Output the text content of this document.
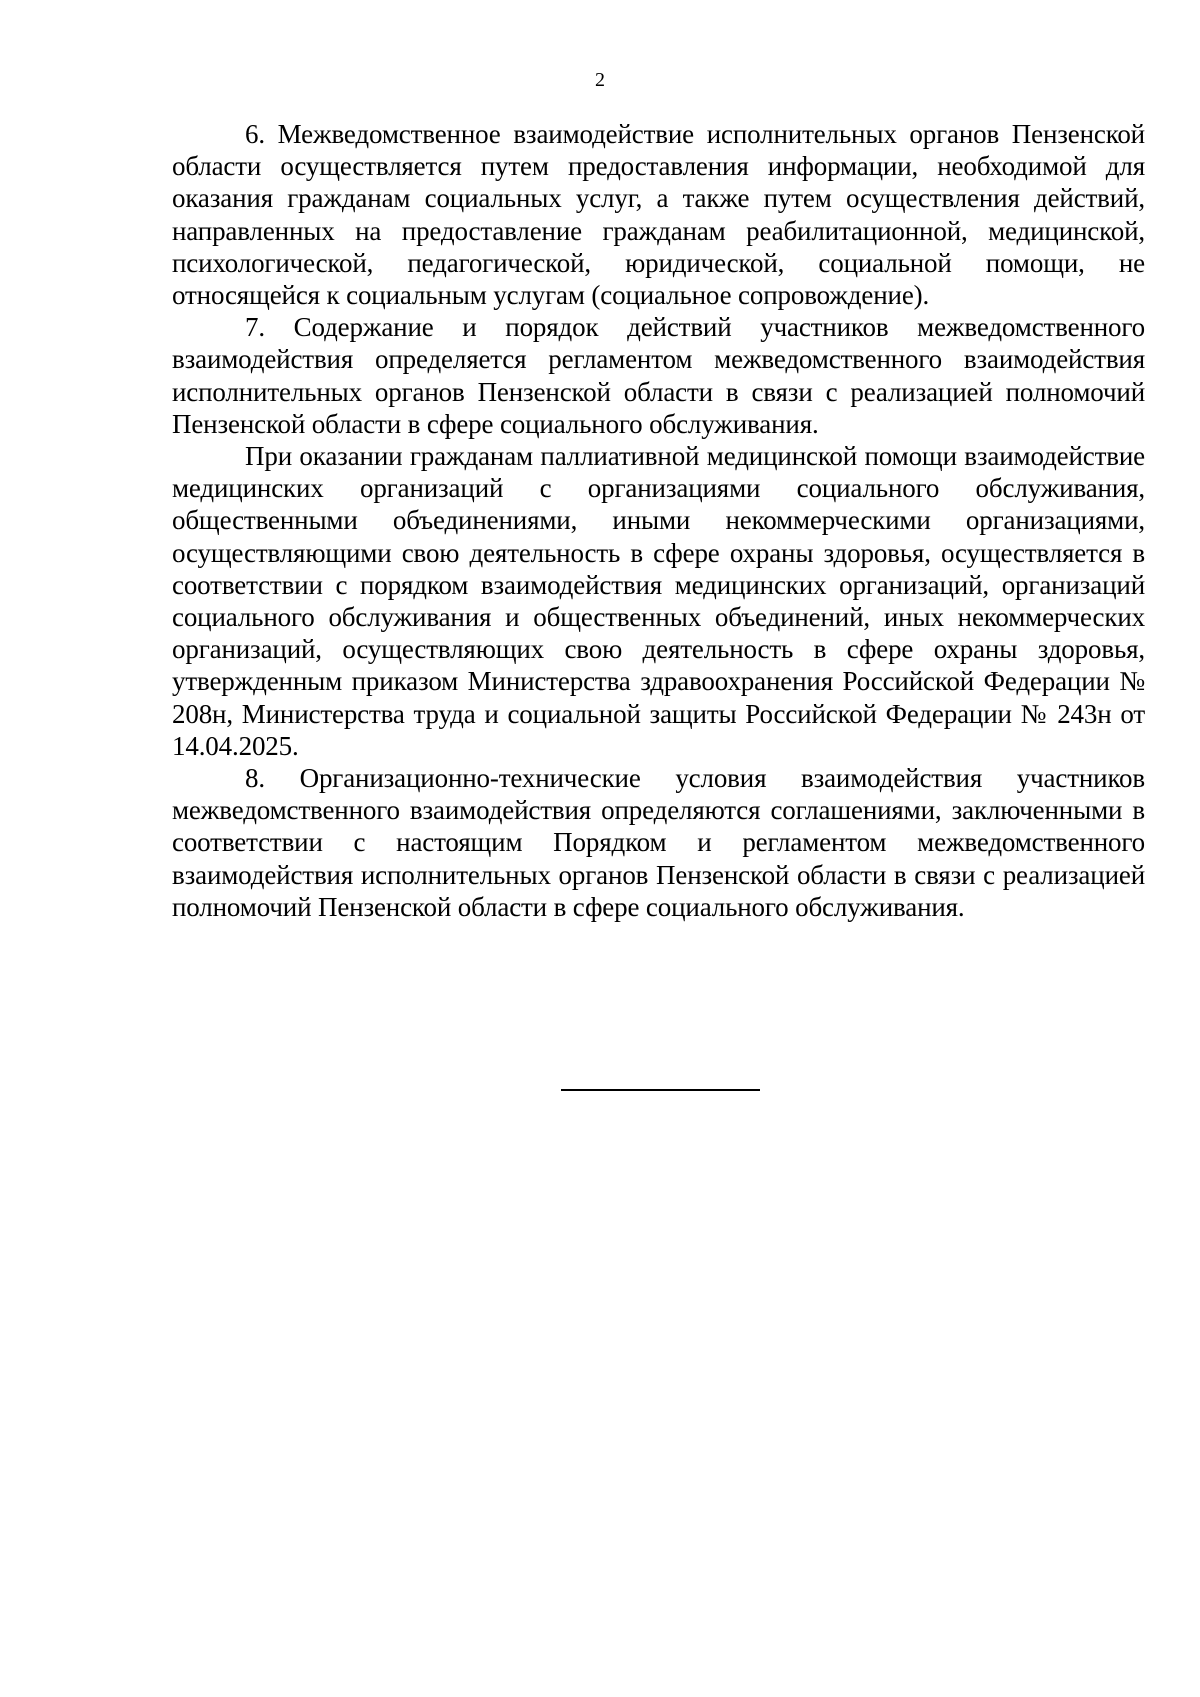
2

6. Межведомственное взаимодействие исполнительных органов Пензенской области осуществляется путем предоставления информации, необходимой для оказания гражданам социальных услуг, а также путем осуществления действий, направленных на предоставление гражданам реабилитационной, медицинской, психологической, педагогической, юридической, социальной помощи, не относящейся к социальным услугам (социальное сопровождение).

7. Содержание и порядок действий участников межведомственного взаимодействия определяется регламентом межведомственного взаимодействия исполнительных органов Пензенской области в связи с реализацией полномочий Пензенской области в сфере социального обслуживания.

При оказании гражданам паллиативной медицинской помощи взаимодействие медицинских организаций с организациями социального обслуживания, общественными объединениями, иными некоммерческими организациями, осуществляющими свою деятельность в сфере охраны здоровья, осуществляется в соответствии с порядком взаимодействия медицинских организаций, организаций социального обслуживания и общественных объединений, иных некоммерческих организаций, осуществляющих свою деятельность в сфере охраны здоровья, утвержденным приказом Министерства здравоохранения Российской Федерации № 208н, Министерства труда и социальной защиты Российской Федерации № 243н от 14.04.2025.

8. Организационно-технические условия взаимодействия участников межведомственного взаимодействия определяются соглашениями, заключенными в соответствии с настоящим Порядком и регламентом межведомственного взаимодействия исполнительных органов Пензенской области в связи с реализацией полномочий Пензенской области в сфере социального обслуживания.
